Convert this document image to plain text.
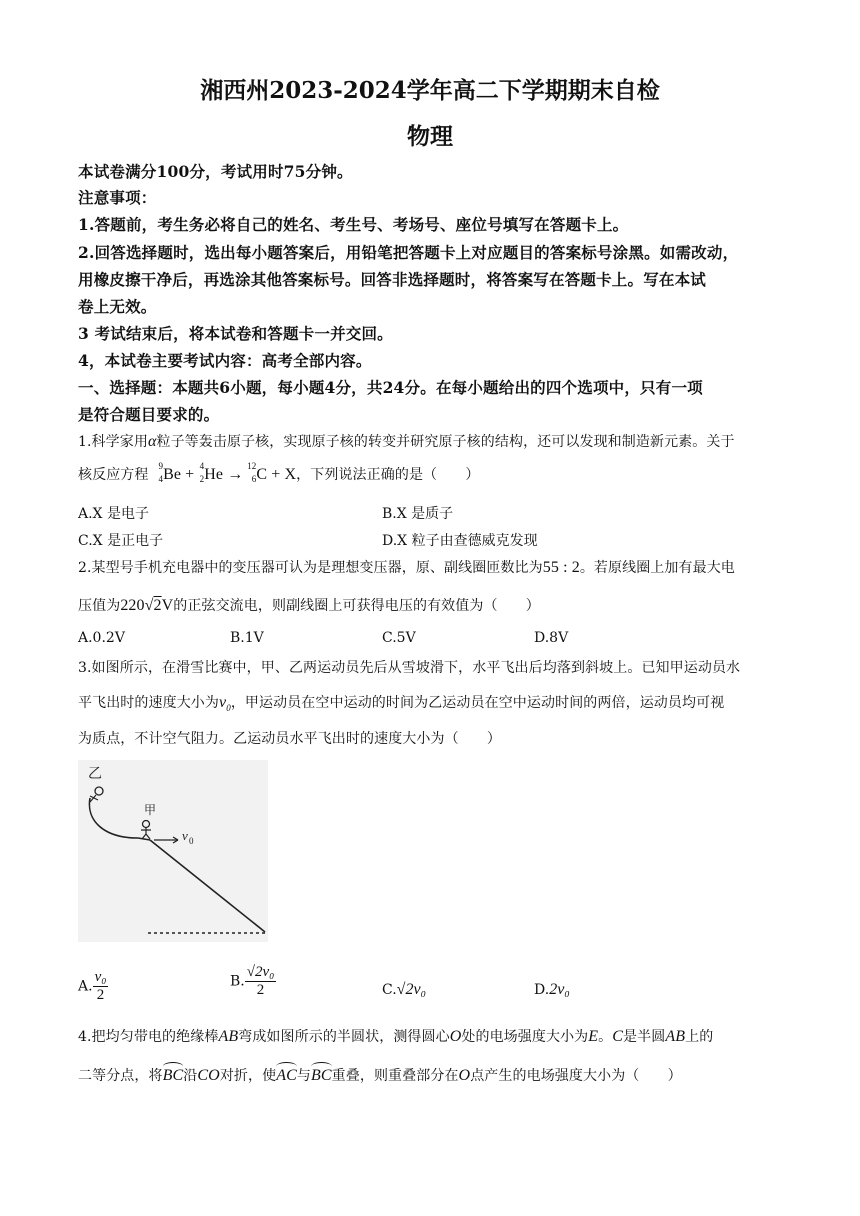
湘西州2023-2024学年高二下学期期末自检
物理
本试卷满分100分，考试用时75分钟。
注意事项：
1.答题前，考生务必将自己的姓名、考生号、考场号、座位号填写在答题卡上。
2.回答选择题时，选出每小题答案后，用铅笔把答题卡上对应题目的答案标号涂黑。如需改动，
用橡皮擦干净后，再选涂其他答案标号。回答非选择题时，将答案写在答题卡上。写在本试
卷上无效。
3 考试结束后，将本试卷和答题卡一并交回。
4，本试卷主要考试内容：高考全部内容。
一、选择题：本题共6小题，每小题4分，共24分。在每小题给出的四个选项中，只有一项
是符合题目要求的。
1.科学家用α粒子等轰击原子核，实现原子核的转变并研究原子核的结构，还可以发现和制造新元素。关于
核反应方程
9
4 Be + 4
2 He → 12
6 C + X，下列说法正确的是（　　）
A.X 是电子	B.X 是质子
C.X 是正电子	D.X 粒子由查德威克发现
2.某型号手机充电器中的变压器可认为是理想变压器，原、副线圈匝数比为55 : 2。若原线圈上加有最大电
压值为220√2V的正弦交流电，则副线圈上可获得电压的有效值为（　　）
A.0.2V	B.1V	C.5V	D.8V
3.如图所示，在滑雪比赛中，甲、乙两运动员先后从雪坡滑下，水平飞出后均落到斜坡上。已知甲运动员水
平飞出时的速度大小为$v_0$，甲运动员在空中运动的时间为乙运动员在空中运动时间的两倍，运动员均可视
为质点，不计空气阻力。乙运动员水平飞出时的速度大小为（　　）
乙
甲
v 0
A. $\frac{\text{v₀}}{2}$	B. $\frac{\text{√2v₀}}{2}$	C.√2v₀	D.2v₀
4.把均匀带电的绝缘棒AB弯成如图所示的半圆状，测得圆心O处的电场强度大小为E。C是半圆AB上的
二等分点，将BC沿CO对折，使AC与BC重叠，则重叠部分在O点产生的电场强度大小为（　　）
